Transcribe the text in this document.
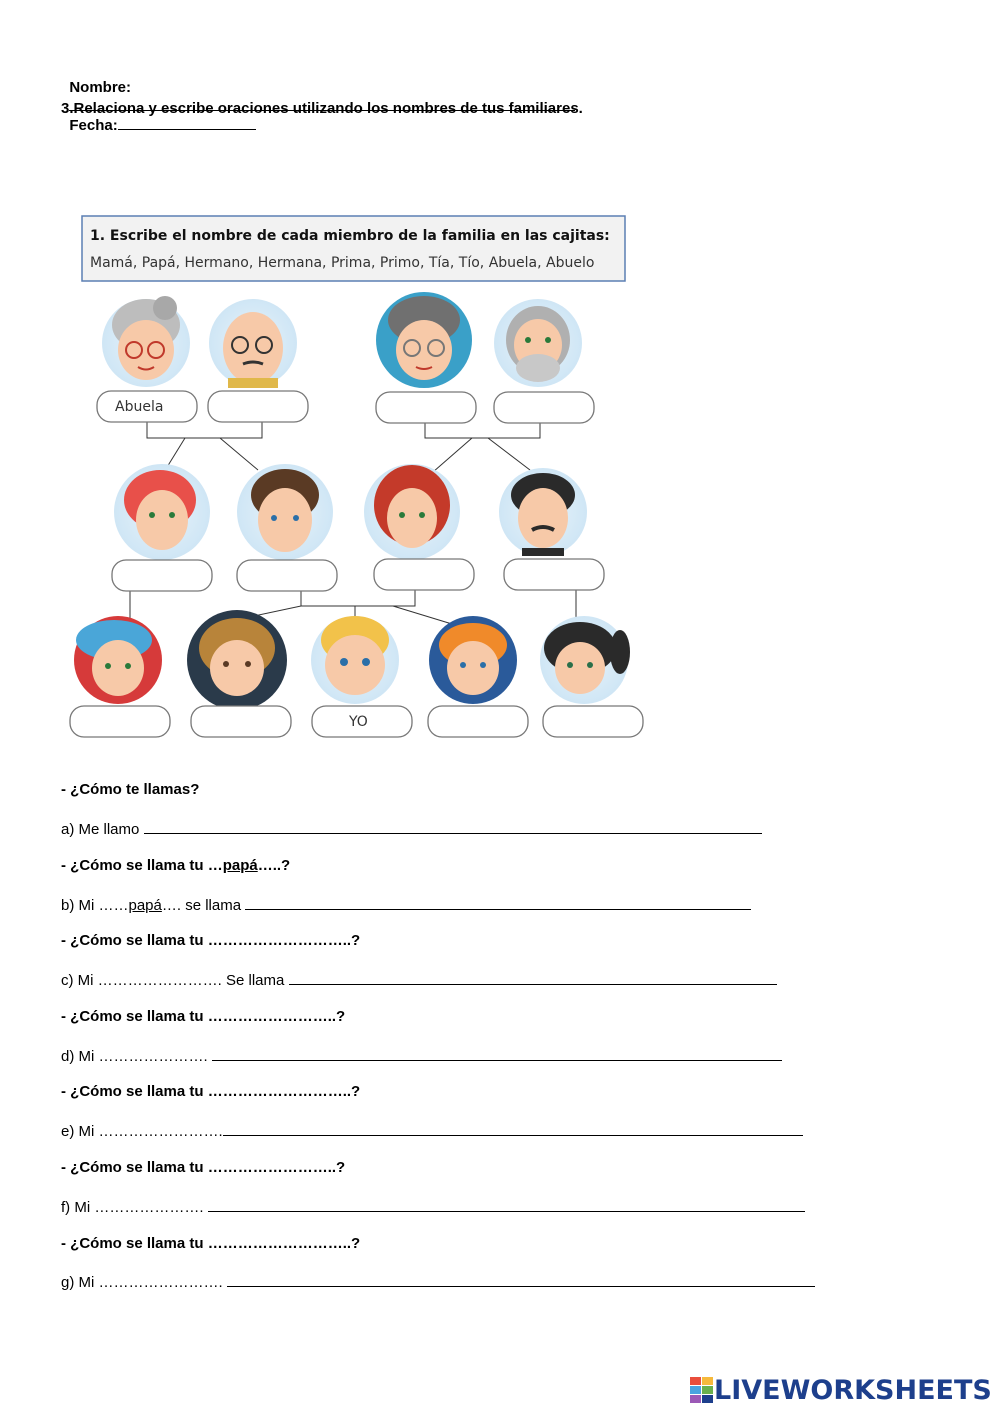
Nombre:

Fecha:

3.Relaciona y escribe oraciones utilizando los nombres de tus familiares.
1. Escribe el nombre de cada miembro de la familia en las cajitas:
Mamá, Papá, Hermano, Hermana, Prima, Primo, Tía, Tío, Abuela, Abuelo
Abuela
YO
- ¿Cómo te llamas?
a) Me llamo
- ¿Cómo se llama tu …papá…..?
b) Mi ……papá…. se llama
- ¿Cómo se llama tu ………………………..?
c) Mi ……………………. Se llama
- ¿Cómo se llama tu ……………………..?
d) Mi ………………….
- ¿Cómo se llama tu ………………………..?
e) Mi …………………….
- ¿Cómo se llama tu ……………………..?
f) Mi ………………….
- ¿Cómo se llama tu ………………………..?
g) Mi …………………….
LIVEWORKSHEETS
